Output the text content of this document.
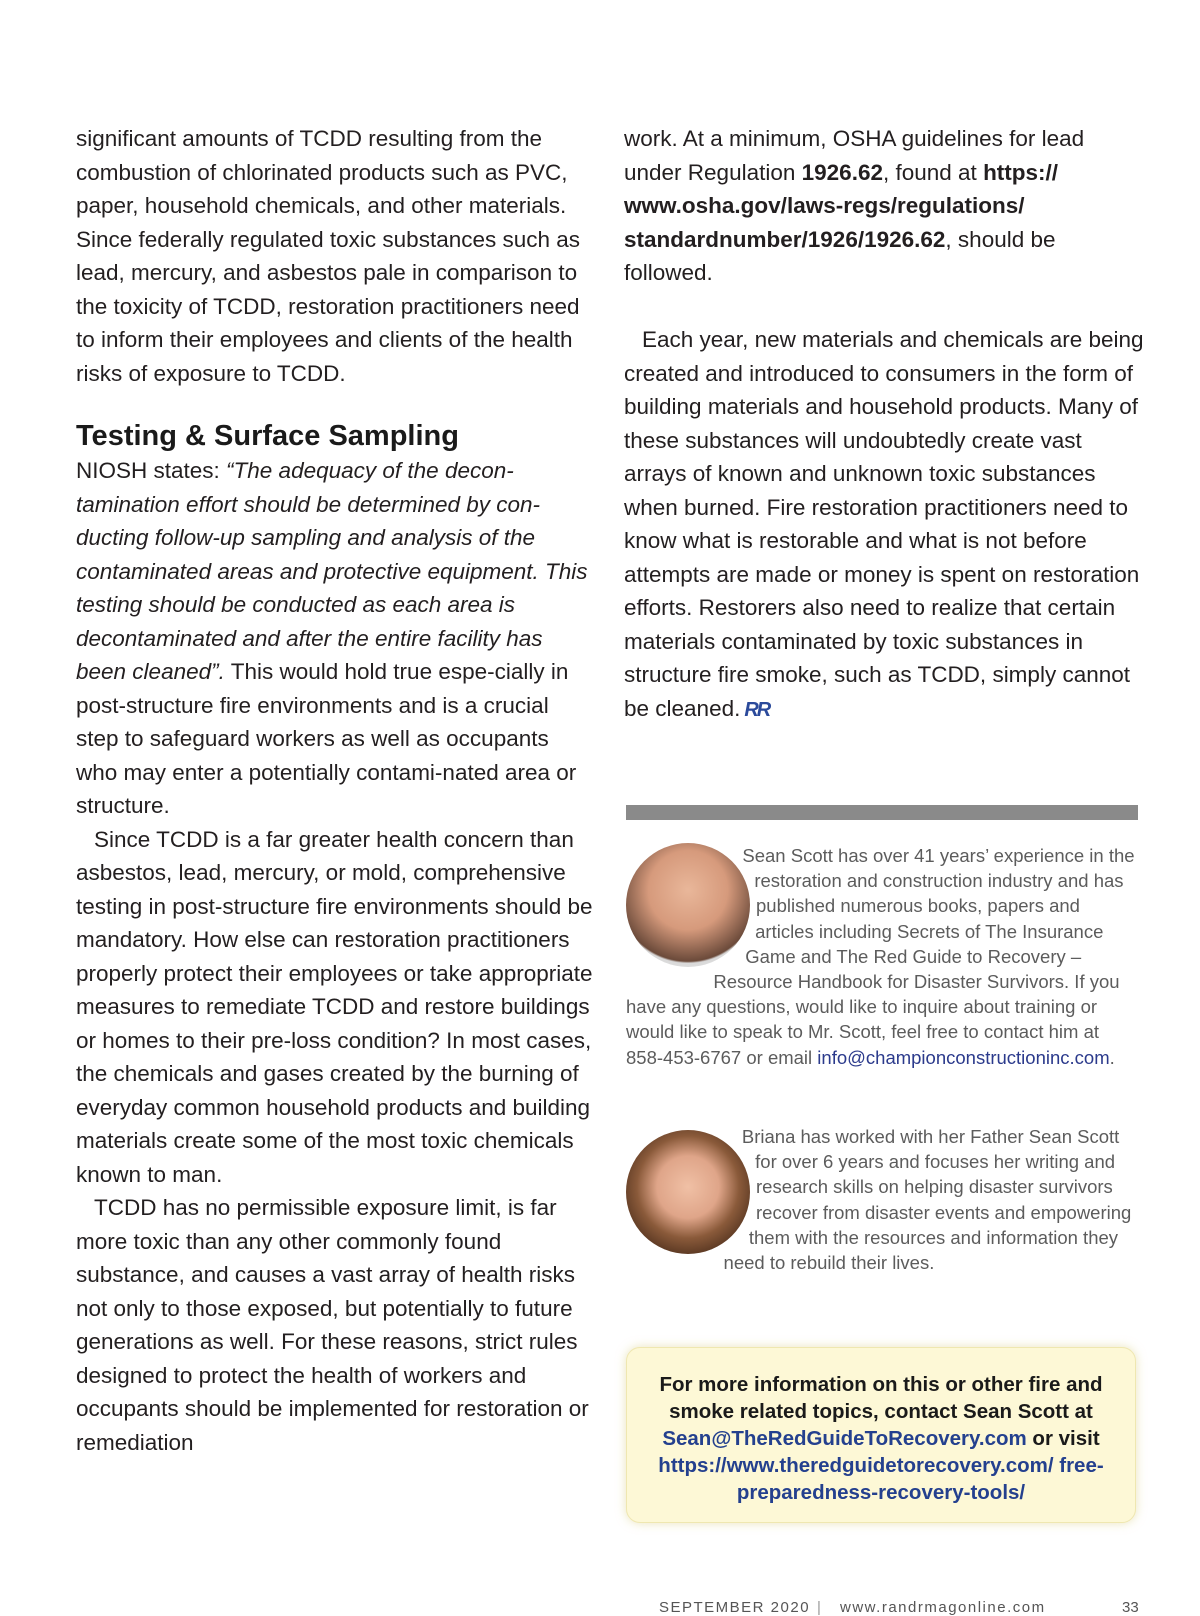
significant amounts of TCDD resulting from the combustion of chlorinated products such as PVC, paper, household chemicals, and other materials. Since federally regulated toxic substances such as lead, mercury, and asbestos pale in comparison to the toxicity of TCDD, restoration practitioners need to inform their employees and clients of the health risks of exposure to TCDD.

Testing & Surface Sampling

NIOSH states: “The adequacy of the decon-tamination effort should be determined by con-ducting follow-up sampling and analysis of the contaminated areas and protective equipment. This testing should be conducted as each area is decontaminated and after the entire facility has been cleaned”. This would hold true espe-cially in post-structure fire environments and is a crucial step to safeguard workers as well as occupants who may enter a potentially contami-nated area or structure.

Since TCDD is a far greater health concern than asbestos, lead, mercury, or mold, comprehensive testing in post-structure fire environments should be mandatory. How else can restoration practitioners properly protect their employees or take appropriate measures to remediate TCDD and restore buildings or homes to their pre-loss condition? In most cases, the chemicals and gases created by the burning of everyday common household products and building materials create some of the most toxic chemicals known to man.

TCDD has no permissible exposure limit, is far more toxic than any other commonly found substance, and causes a vast array of health risks not only to those exposed, but potentially to future generations as well. For these reasons, strict rules designed to protect the health of workers and occupants should be implemented for restoration or remediation

work. At a minimum, OSHA guidelines for lead under Regulation 1926.62, found at https:// www.osha.gov/laws-regs/regulations/ standardnumber/1926/1926.62, should be followed.

Each year, new materials and chemicals are being created and introduced to consumers in the form of building materials and household products. Many of these substances will undoubtedly create vast arrays of known and unknown toxic substances when burned. Fire restoration practitioners need to know what is restorable and what is not before attempts are made or money is spent on restoration efforts. Restorers also need to realize that certain materials contaminated by toxic substances in structure fire smoke, such as TCDD, simply cannot be cleaned. RR

Sean Scott has over 41 years’ experience in the restoration and construction industry and has published numerous books, papers and articles including Secrets of The Insurance Game and The Red Guide to Recovery – Resource Handbook for Disaster Survivors. If you have any questions, would like to inquire about training or would like to speak to Mr. Scott, feel free to contact him at 858-453-6767 or email info@championconstructioninc.com.

Briana has worked with her Father Sean Scott for over 6 years and focuses her writing and research skills on helping disaster survivors recover from disaster events and empowering them with the resources and information they need to rebuild their lives.

For more information on this or other fire and smoke related topics, contact Sean Scott at Sean@TheRedGuideToRecovery.com or visit https://www.theredguidetorecovery.com/ free-preparedness-recovery-tools/

SEPTEMBER 2020 | www.randrmagonline.com	33
